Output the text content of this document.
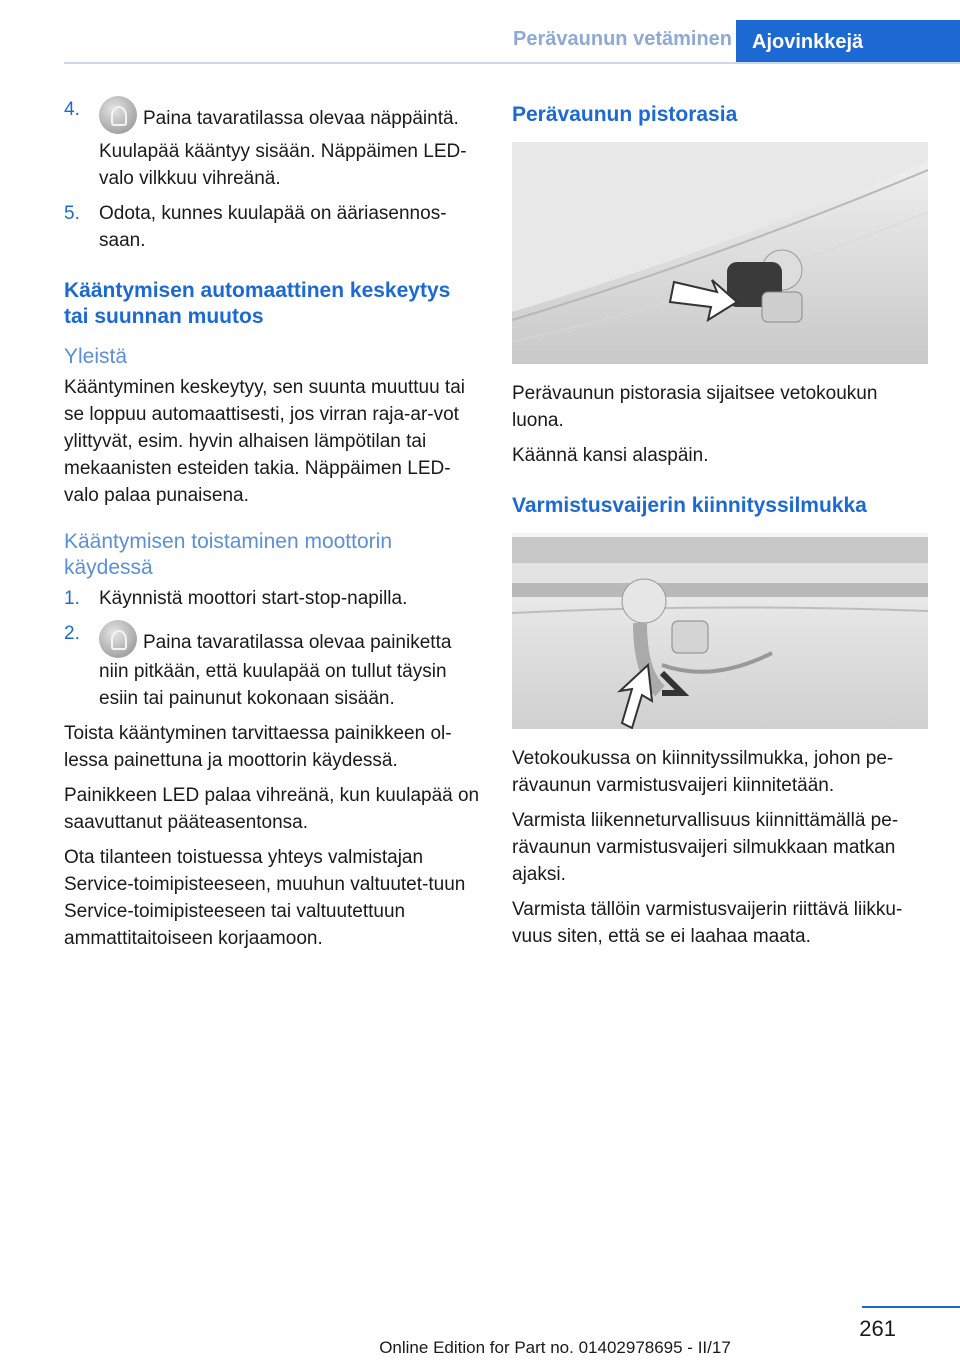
Perävaunun vetäminen	Ajovinkkejä
4.	Paina tavaratilassa olevaa näppäintä.

Kuulapää kääntyy sisään. Näppäimen LED-valo vilkkuu vihreänä.

5. Odota, kunnes kuulapää on ääriasennos-saan.

Kääntymisen automaattinen keskeytys tai suunnan muutos
Yleistä

Kääntyminen keskeytyy, sen suunta muuttuu tai se loppuu automaattisesti, jos virran raja-ar-vot ylittyvät, esim. hyvin alhaisen lämpötilan tai mekaanisten esteiden takia. Näppäimen LED-valo palaa punaisena.

Kääntymisen toistaminen moottorin käydessä
1. Käynnistä moottori start-stop-napilla.

2.	Paina tavaratilassa olevaa painiketta niin pitkään, että kuulapää on tullut täysin esiin tai painunut kokonaan sisään.

Toista kääntyminen tarvittaessa painikkeen ol-lessa painettuna ja moottorin käydessä.

Painikkeen LED palaa vihreänä, kun kuulapää on saavuttanut pääteasentonsa.

Ota tilanteen toistuessa yhteys valmistajan Service-toimipisteeseen, muuhun valtuutet-tuun Service-toimipisteeseen tai valtuutettuun ammattitaitoiseen korjaamoon.

Perävaunun pistorasia

Perävaunun pistorasia sijaitsee vetokoukun luona.

Käännä kansi alaspäin.

Varmistusvaijerin kiinnityssilmukka

Vetokoukussa on kiinnityssilmukka, johon pe-rävaunun varmistusvaijeri kiinnitetään.

Varmista liikenneturvallisuus kiinnittämällä pe-rävaunun varmistusvaijeri silmukkaan matkan ajaksi.

Varmista tällöin varmistusvaijerin riittävä liikku-vuus siten, että se ei laahaa maata.

261
Online Edition for Part no. 01402978695 - II/17
